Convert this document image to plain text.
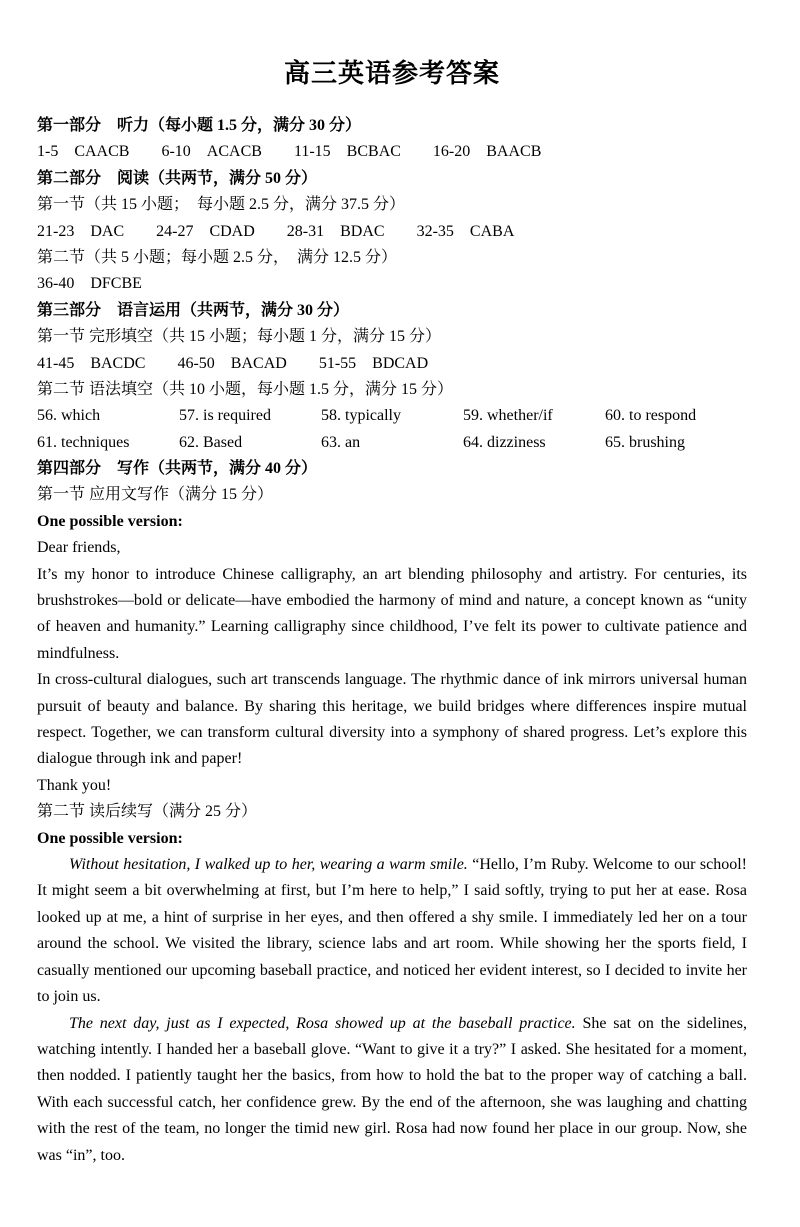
高三英语参考答案
第一部分　听力（每小题 1.5 分，满分 30 分）
1-5　CAACB 6-10　ACACB 11-15　BCBAC 16-20　BAACB
第二部分　阅读（共两节，满分 50 分）
第一节（共 15 小题；　每小题 2.5 分，满分 37.5 分）
21-23　DAC 24-27　CDAD 28-31　BDAC 32-35　CABA
第二节（共 5 小题；每小题 2.5 分，　满分 12.5 分）
36-40　DFCBE
第三部分　语言运用（共两节，满分 30 分）
第一节 完形填空（共 15 小题；每小题 1 分，满分 15 分）
41-45　BACDC 46-50　BACAD 51-55　BDCAD
第二节 语法填空（共 10 小题，每小题 1.5 分，满分 15 分）
56. which	57. is required	58. typically	59. whether/if	60. to respond
61. techniques	62. Based	63. an	64. dizziness	65. brushing
第四部分　写作（共两节，满分 40 分）
第一节 应用文写作（满分 15 分）
One possible version:
Dear friends,

It’s my honor to introduce Chinese calligraphy, an art blending philosophy and artistry. For centuries, its brushstrokes—bold or delicate—have embodied the harmony of mind and nature, a concept known as “unity of heaven and humanity.” Learning calligraphy since childhood, I’ve felt its power to cultivate patience and mindfulness.

In cross-cultural dialogues, such art transcends language. The rhythmic dance of ink mirrors universal human pursuit of beauty and balance. By sharing this heritage, we build bridges where differences inspire mutual respect. Together, we can transform cultural diversity into a symphony of shared progress. Let’s explore this dialogue through ink and paper!

Thank you!
第二节 读后续写（满分 25 分）
One possible version:

Without hesitation, I walked up to her, wearing a warm smile. “Hello, I’m Ruby. Welcome to our school! It might seem a bit overwhelming at first, but I’m here to help,” I said softly, trying to put her at ease. Rosa looked up at me, a hint of surprise in her eyes, and then offered a shy smile. I immediately led her on a tour around the school. We visited the library, science labs and art room. While showing her the sports field, I casually mentioned our upcoming baseball practice, and noticed her evident interest, so I decided to invite her to join us.

The next day, just as I expected, Rosa showed up at the baseball practice. She sat on the sidelines, watching intently. I handed her a baseball glove. “Want to give it a try?” I asked. She hesitated for a moment, then nodded. I patiently taught her the basics, from how to hold the bat to the proper way of catching a ball. With each successful catch, her confidence grew. By the end of the afternoon, she was laughing and chatting with the rest of the team, no longer the timid new girl. Rosa had now found her place in our group. Now, she was “in”, too.
